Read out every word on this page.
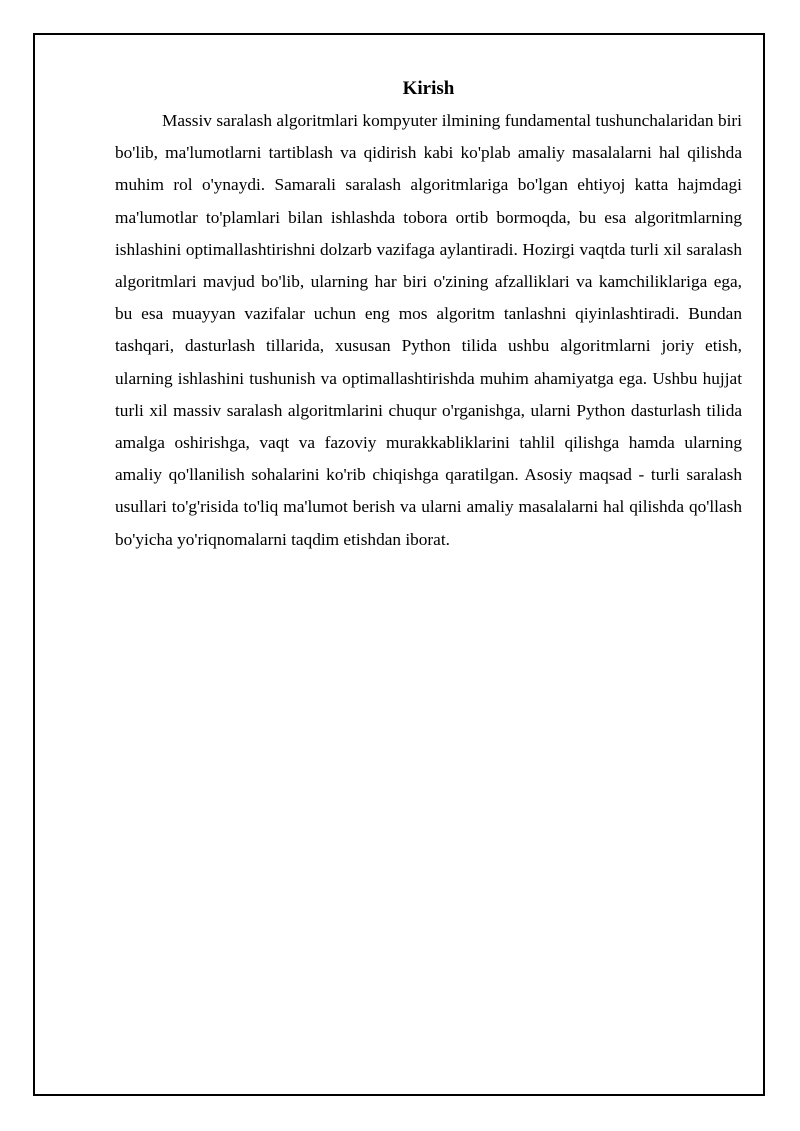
Kirish

Massiv saralash algoritmlari kompyuter ilmining fundamental tushunchalaridan biri bo'lib, ma'lumotlarni tartiblash va qidirish kabi ko'plab amaliy masalalarni hal qilishda muhim rol o'ynaydi. Samarali saralash algoritmlariga bo'lgan ehtiyoj katta hajmdagi ma'lumotlar to'plamlari bilan ishlashda tobora ortib bormoqda, bu esa algoritmlarning ishlashini optimallashtirishni dolzarb vazifaga aylantiradi. Hozirgi vaqtda turli xil saralash algoritmlari mavjud bo'lib, ularning har biri o'zining afzalliklari va kamchiliklariga ega, bu esa muayyan vazifalar uchun eng mos algoritm tanlashni qiyinlashtiradi. Bundan tashqari, dasturlash tillarida, xususan Python tilida ushbu algoritmlarni joriy etish, ularning ishlashini tushunish va optimallashtirishda muhim ahamiyatga ega. Ushbu hujjat turli xil massiv saralash algoritmlarini chuqur o'rganishga, ularni Python dasturlash tilida amalga oshirishga, vaqt va fazoviy murakkabliklarini tahlil qilishga hamda ularning amaliy qo'llanilish sohalarini ko'rib chiqishga qaratilgan. Asosiy maqsad - turli saralash usullari to'g'risida to'liq ma'lumot berish va ularni amaliy masalalarni hal qilishda qo'llash bo'yicha yo'riqnomalarni taqdim etishdan iborat.
